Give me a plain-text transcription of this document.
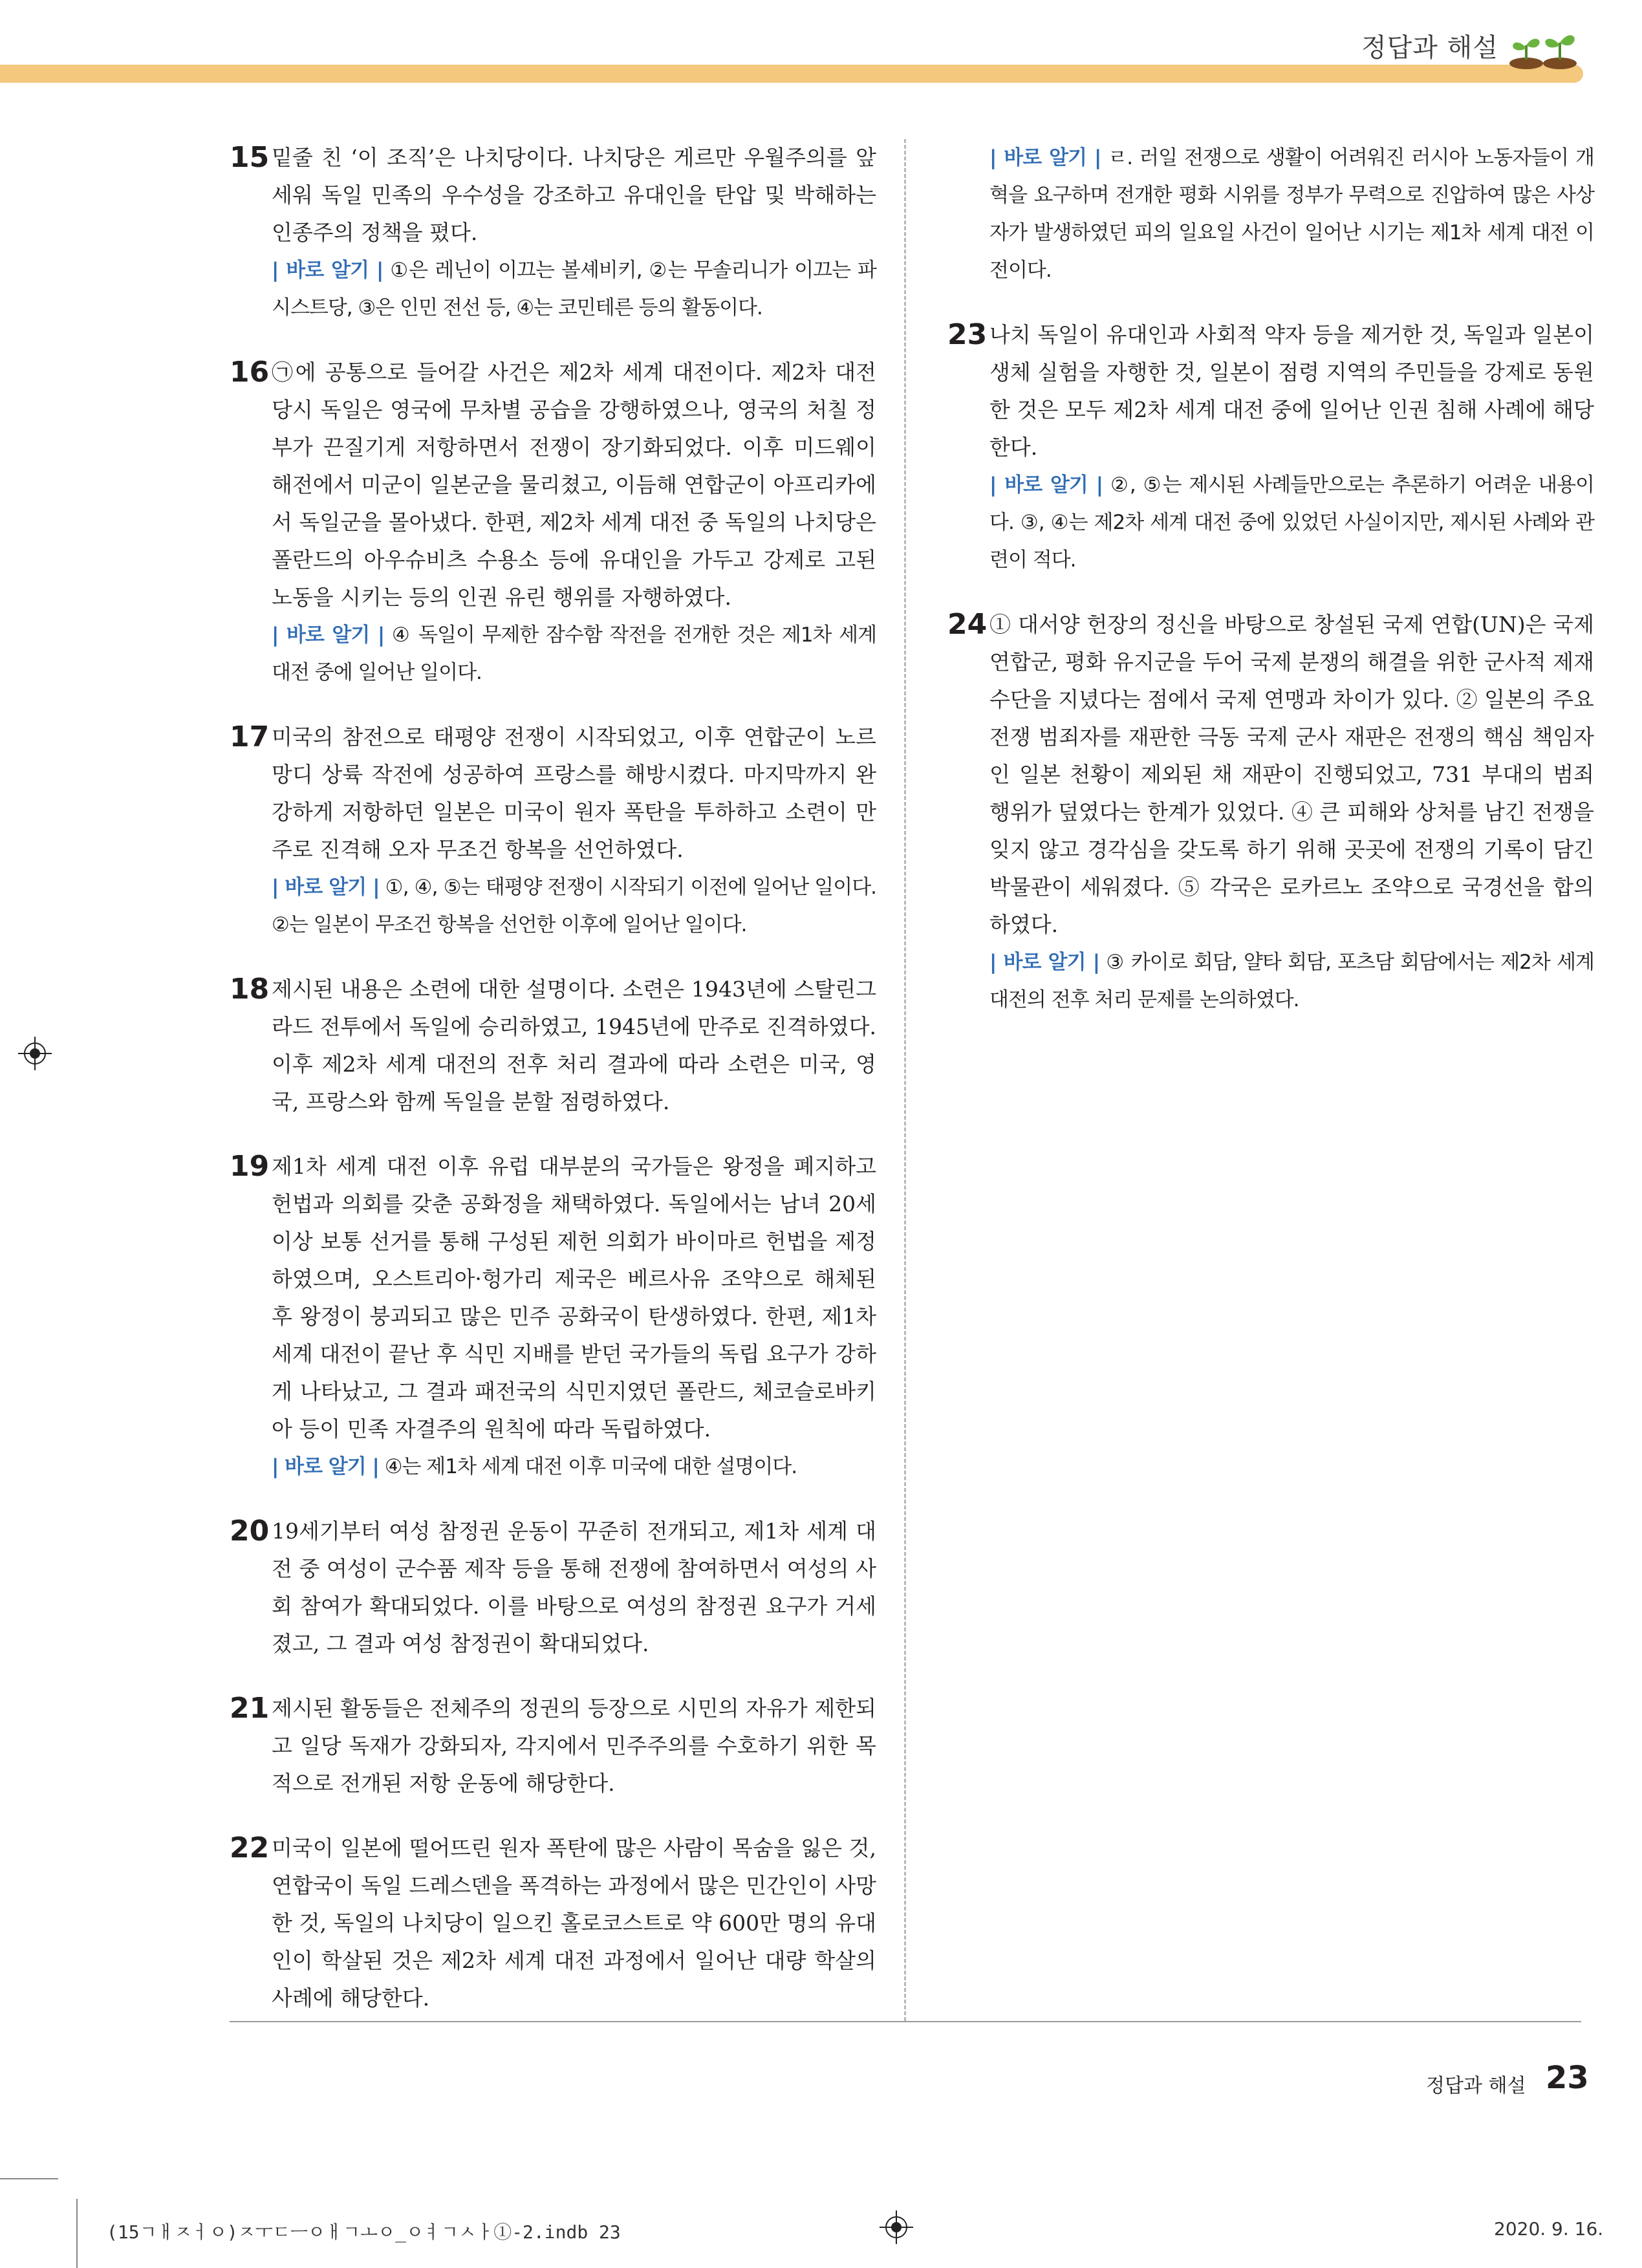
정답과 해설
15 밑줄 친 ‘이 조직’은 나치당이다. 나치당은 게르만 우월주의를 앞세워 독일 민족의 우수성을 강조하고 유대인을 탄압 및 박해하는 인종주의 정책을 폈다.

| 바로 알기 | ①은 레닌이 이끄는 볼셰비키, ②는 무솔리니가 이끄는 파시스트당, ③은 인민 전선 등, ④는 코민테른 등의 활동이다.
16 ㉠에 공통으로 들어갈 사건은 제2차 세계 대전이다. 제2차 대전 당시 독일은 영국에 무차별 공습을 강행하였으나, 영국의 처칠 정부가 끈질기게 저항하면서 전쟁이 장기화되었다. 이후 미드웨이 해전에서 미군이 일본군을 물리쳤고, 이듬해 연합군이 아프리카에서 독일군을 몰아냈다. 한편, 제2차 세계 대전 중 독일의 나치당은 폴란드의 아우슈비츠 수용소 등에 유대인을 가두고 강제로 고된 노동을 시키는 등의 인권 유린 행위를 자행하였다.

| 바로 알기 | ④ 독일이 무제한 잠수함 작전을 전개한 것은 제1차 세계 대전 중에 일어난 일이다.
17 미국의 참전으로 태평양 전쟁이 시작되었고, 이후 연합군이 노르망디 상륙 작전에 성공하여 프랑스를 해방시켰다. 마지막까지 완강하게 저항하던 일본은 미국이 원자 폭탄을 투하하고 소련이 만주로 진격해 오자 무조건 항복을 선언하였다.

| 바로 알기 | ①, ④, ⑤는 태평양 전쟁이 시작되기 이전에 일어난 일이다. ②는 일본이 무조건 항복을 선언한 이후에 일어난 일이다.
18 제시된 내용은 소련에 대한 설명이다. 소련은 1943년에 스탈린그라드 전투에서 독일에 승리하였고, 1945년에 만주로 진격하였다. 이후 제2차 세계 대전의 전후 처리 결과에 따라 소련은 미국, 영국, 프랑스와 함께 독일을 분할 점령하였다.

19 제1차 세계 대전 이후 유럽 대부분의 국가들은 왕정을 폐지하고 헌법과 의회를 갖춘 공화정을 채택하였다. 독일에서는 남녀 20세 이상 보통 선거를 통해 구성된 제헌 의회가 바이마르 헌법을 제정하였으며, 오스트리아·헝가리 제국은 베르사유 조약으로 해체된 후 왕정이 붕괴되고 많은 민주 공화국이 탄생하였다. 한편, 제1차 세계 대전이 끝난 후 식민 지배를 받던 국가들의 독립 요구가 강하게 나타났고, 그 결과 패전국의 식민지였던 폴란드, 체코슬로바키아 등이 민족 자결주의 원칙에 따라 독립하였다.

| 바로 알기 | ④는 제1차 세계 대전 이후 미국에 대한 설명이다.
20 19세기부터 여성 참정권 운동이 꾸준히 전개되고, 제1차 세계 대전 중 여성이 군수품 제작 등을 통해 전쟁에 참여하면서 여성의 사회 참여가 확대되었다. 이를 바탕으로 여성의 참정권 요구가 거세졌고, 그 결과 여성 참정권이 확대되었다.

21 제시된 활동들은 전체주의 정권의 등장으로 시민의 자유가 제한되고 일당 독재가 강화되자, 각지에서 민주주의를 수호하기 위한 목적으로 전개된 저항 운동에 해당한다.

22 미국이 일본에 떨어뜨린 원자 폭탄에 많은 사람이 목숨을 잃은 것, 연합국이 독일 드레스덴을 폭격하는 과정에서 많은 민간인이 사망한 것, 독일의 나치당이 일으킨 홀로코스트로 약 600만 명의 유대인이 학살된 것은 제2차 세계 대전 과정에서 일어난 대량 학살의 사례에 해당한다.

| 바로 알기 | ㄹ. 러일 전쟁으로 생활이 어려워진 러시아 노동자들이 개혁을 요구하며 전개한 평화 시위를 정부가 무력으로 진압하여 많은 사상자가 발생하였던 피의 일요일 사건이 일어난 시기는 제1차 세계 대전 이전이다.
23 나치 독일이 유대인과 사회적 약자 등을 제거한 것, 독일과 일본이 생체 실험을 자행한 것, 일본이 점령 지역의 주민들을 강제로 동원한 것은 모두 제2차 세계 대전 중에 일어난 인권 침해 사례에 해당한다.

| 바로 알기 | ②, ⑤는 제시된 사례들만으로는 추론하기 어려운 내용이다. ③, ④는 제2차 세계 대전 중에 있었던 사실이지만, 제시된 사례와 관련이 적다.
24 ① 대서양 헌장의 정신을 바탕으로 창설된 국제 연합(UN)은 국제 연합군, 평화 유지군을 두어 국제 분쟁의 해결을 위한 군사적 제재 수단을 지녔다는 점에서 국제 연맹과 차이가 있다. ② 일본의 주요 전쟁 범죄자를 재판한 극동 국제 군사 재판은 전쟁의 핵심 책임자인 일본 천황이 제외된 채 재판이 진행되었고, 731 부대의 범죄 행위가 덮였다는 한계가 있었다. ④ 큰 피해와 상처를 남긴 전쟁을 잊지 않고 경각심을 갖도록 하기 위해 곳곳에 전쟁의 기록이 담긴 박물관이 세워졌다. ⑤ 각국은 로카르노 조약으로 국경선을 합의하였다.

| 바로 알기 | ③ 카이로 회담, 얄타 회담, 포츠담 회담에서는 제2차 세계 대전의 전후 처리 문제를 논의하였다.
정답과 해설 23
(15ㄱㅐㅈㅓㅇ)ㅈㅜㄷㅡㅇㅐㄱㅗㅇ_ㅇㅕㄱㅅㅏ①-2.indb 23	2020. 9. 16.
